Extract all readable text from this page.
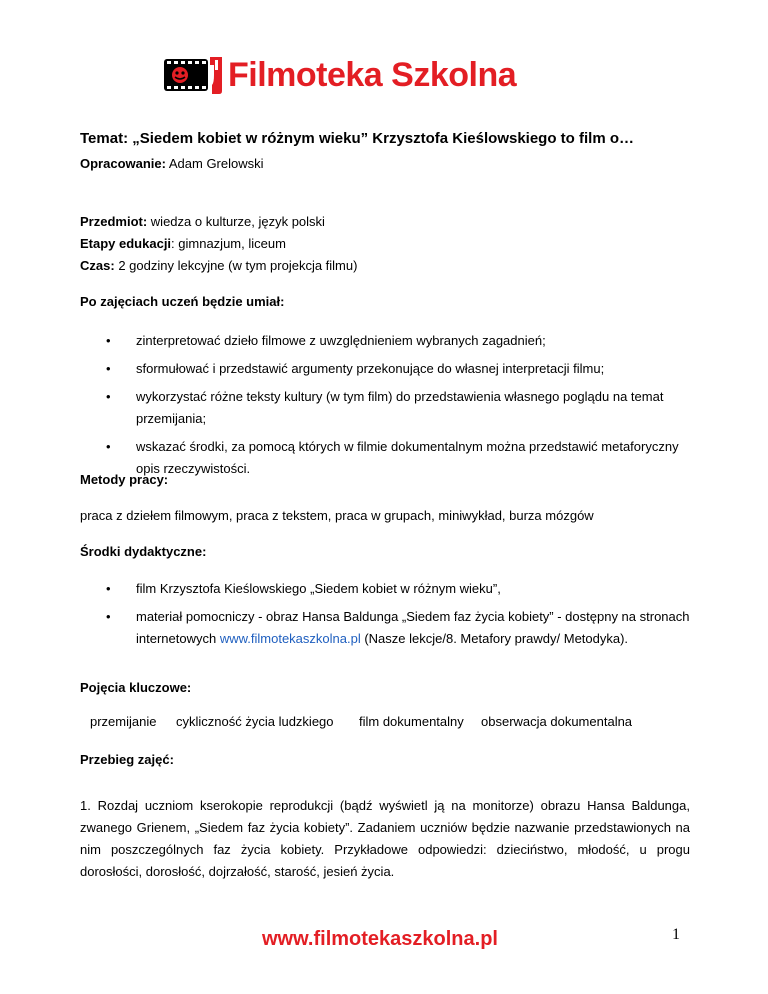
Filmoteka Szkolna
Temat: „Siedem kobiet w różnym wieku” Krzysztofa Kieślowskiego to film o…
Opracowanie: Adam Grelowski
Przedmiot: wiedza o kulturze, język polski
Etapy edukacji: gimnazjum, liceum
Czas: 2 godziny lekcyjne (w tym projekcja filmu)
Po zajęciach uczeń będzie umiał:
• zinterpretować dzieło filmowe z uwzględnieniem wybranych zagadnień;
• sformułować i przedstawić argumenty przekonujące do własnej interpretacji filmu;
• wykorzystać różne teksty kultury (w tym film) do przedstawienia własnego poglądu na temat przemijania;
• wskazać środki, za pomocą których w filmie dokumentalnym można przedstawić metaforyczny opis rzeczywistości.
Metody pracy:
praca z dziełem filmowym, praca z tekstem, praca w grupach, miniwykład, burza mózgów
Środki dydaktyczne:
• film Krzysztofa Kieślowskiego „Siedem kobiet w różnym wieku”,
• materiał pomocniczy - obraz Hansa Baldunga „Siedem faz życia kobiety” - dostępny na stronach internetowych www.filmotekaszkolna.pl (Nasze lekcje/8. Metafory prawdy/ Metodyka).
Pojęcia kluczowe:
przemijanie	cykliczność życia ludzkiego	film dokumentalny	obserwacja dokumentalna
Przebieg zajęć:
1. Rozdaj uczniom kserokopie reprodukcji (bądź wyświetl ją na monitorze) obrazu Hansa Baldunga, zwanego Grienem, „Siedem faz życia kobiety”. Zadaniem uczniów będzie nazwanie przedstawionych na nim poszczególnych faz życia kobiety. Przykładowe odpowiedzi: dzieciństwo, młodość, u progu dorosłości, dorosłość, dojrzałość, starość, jesień życia.
www.filmotekaszkolna.pl	1
